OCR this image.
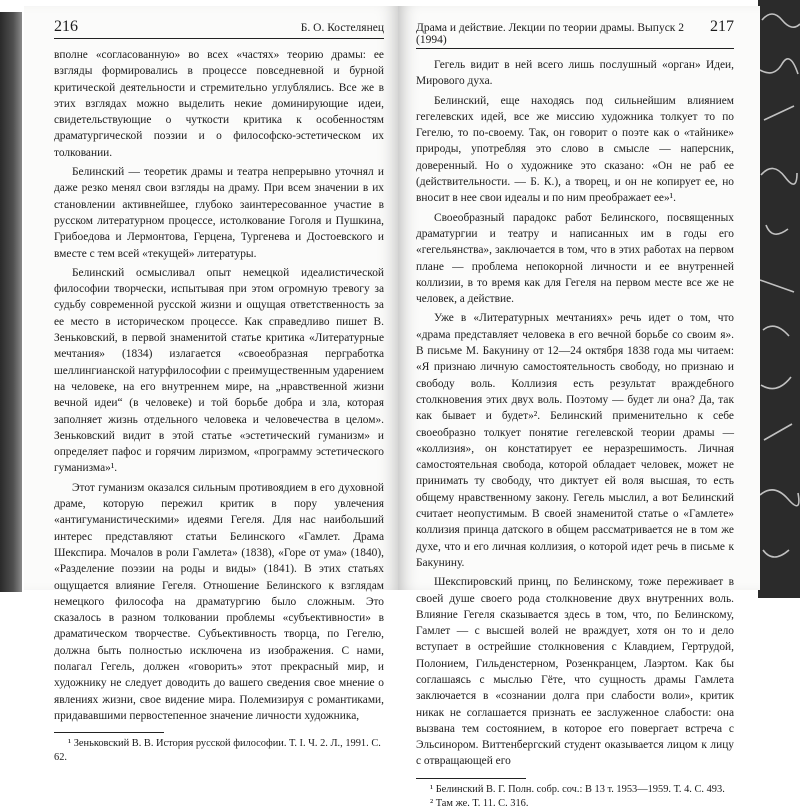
216	Б. О. Костелянец

вполне «согласованную» во всех «частях» теорию драмы: ее взгляды формировались в процессе повседневной и бурной критической деятельности и стремительно углублялись. Все же в этих взглядах можно выделить некие доминирующие идеи, свидетельствующие о чуткости критика к особенностям драматургической поэзии и о философско-эстетическом их толковании.

Белинский — теоретик драмы и театра непрерывно уточнял и даже резко менял свои взгляды на драму. При всем значении в их становлении активнейшее, глубоко заинтересованное участие в русском литературном процессе, истолкование Гоголя и Пушкина, Грибоедова и Лермонтова, Герцена, Тургенева и Достоевского и вместе с тем всей «текущей» литературы.

Белинский осмысливал опыт немецкой идеалистической философии творчески, испытывая при этом огромную тревогу за судьбу современной русской жизни и ощущая ответственность за ее место в историческом процессе. Как справедливо пишет В. Зеньковский, в первой знаменитой статье критика «Литературные мечтания» (1834) излагается «своеобразная пергработка шеллингианской натурфилософии с преимущественным ударением на человеке, на его внутреннем мире, на „нравственной жизни вечной идеи“ (в человеке) и той борьбе добра и зла, которая заполняет жизнь отдельного человека и человечества в целом». Зеньковский видит в этой статье «эстетический гуманизм» и определяет пафос и горячим лиризмом, «программу эстетического гуманизма»¹.

Этот гуманизм оказался сильным противоядием в его духовной драме, которую пережил критик в пору увлечения «антигуманистическими» идеями Гегеля. Для нас наибольший интерес представляют статьи Белинского «Гамлет. Драма Шекспира. Мочалов в роли Гамлета» (1838), «Горе от ума» (1840), «Разделение поэзии на роды и виды» (1841). В этих статьях ощущается влияние Гегеля. Отношение Белинского к взглядам немецкого философа на драматургию было сложным. Это сказалось в разном толковании проблемы «субъективности» в драматическом творчестве. Субъективность творца, по Гегелю, должна быть полностью исключена из изображения. С нами, полагал Гегель, должен «говорить» этот прекрасный мир, и художнику не следует доводить до вашего сведения свое мнение о явлениях жизни, свое видение мира. Полемизируя с романтиками, придававшими первостепенное значение личности художника,

¹ Зеньковский В. В. История русской философии. Т. I. Ч. 2. Л., 1991. С. 62.

Драма и действие. Лекции по теории драмы. Выпуск 2 (1994)
217

Гегель видит в ней всего лишь послушный «орган» Идеи, Мирового духа.

Белинский, еще находясь под сильнейшим влиянием гегелевских идей, все же миссию художника толкует то по Гегелю, то по-своему. Так, он говорит о поэте как о «тайнике» природы, употребляя это слово в смысле — наперсник, доверенный. Но о художнике это сказано: «Он не раб ее (действительности. — Б. К.), а творец, и он не копирует ее, но вносит в нее свои идеалы и по ним преображает ее»¹.

Своеобразный парадокс работ Белинского, посвященных драматургии и театру и написанных им в годы его «гегельянства», заключается в том, что в этих работах на первом плане — проблема непокорной личности и ее внутренней коллизии, в то время как для Гегеля на первом месте все же не человек, а действие.

Уже в «Литературных мечтаниях» речь идет о том, что «драма представляет человека в его вечной борьбе со своим я». В письме М. Бакунину от 12—24 октября 1838 года мы читаем: «Я признаю личную самостоятельность свободу, но признаю и свободу воль. Коллизия есть результат враждебного столкновения этих двух воль. Поэтому — будет ли она? Да, так как бывает и будет»². Белинский применительно к себе своеобразно толкует понятие гегелевской теории драмы — «коллизия», он констатирует ее неразрешимость. Личная самостоятельная свобода, которой обладает человек, может не принимать ту свободу, что диктует ей воля высшая, то есть общему нравственному закону. Гегель мыслил, а вот Белинский считает неопустимым. В своей знаменитой статье о «Гамлете» коллизия принца датского в общем рассматривается не в том же духе, что и его личная коллизия, о которой идет речь в письме к Бакунину.

Шекспировский принц, по Белинскому, тоже переживает в своей душе своего рода столкновение двух внутренних воль. Влияние Гегеля сказывается здесь в том, что, по Белинскому, Гамлет — с высшей волей не враждует, хотя он то и дело вступает в острейшие столкновения с Клавдием, Гертрудой, Полонием, Гильденстерном, Розенкранцем, Лаэртом. Как бы соглашаясь с мыслью Гёте, что сущность драмы Гамлета заключается в «сознании долга при слабости воли», критик никак не соглашается признать ее заслуженное слабости: она вызвана тем состоянием, в которое его повергает встреча с Эльсинором. Виттенбергский студент оказывается лицом к лицу с отвращающей его

¹ Белинский В. Г. Полн. собр. соч.: В 13 т. 1953—1959. Т. 4. С. 493.

² Там же. Т. 11. С. 316.
